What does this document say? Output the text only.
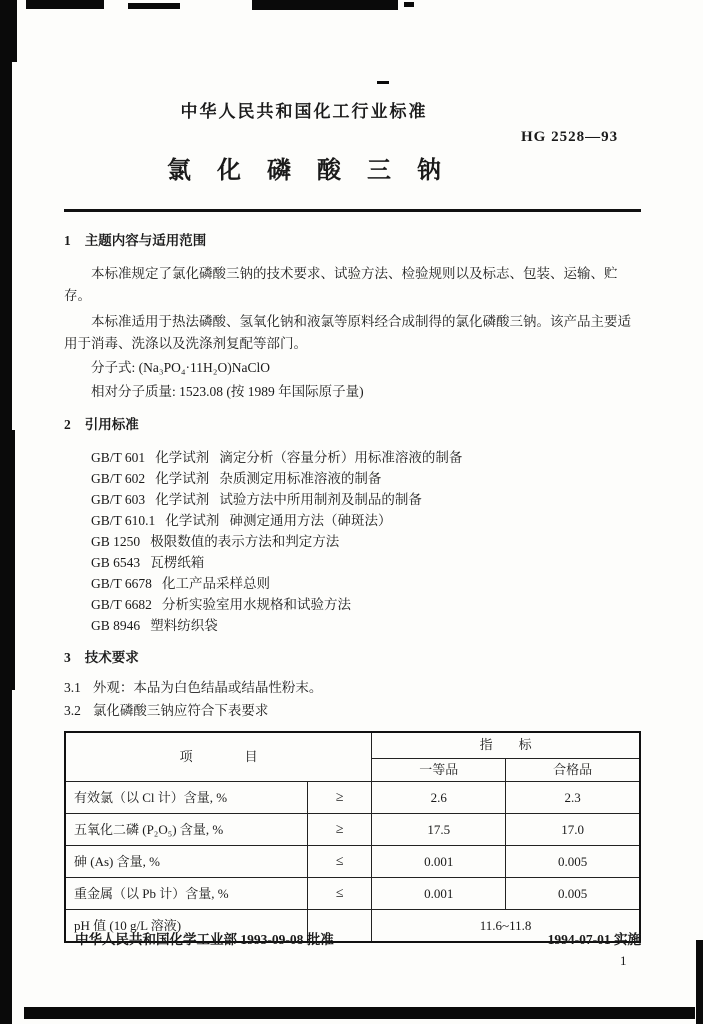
中华人民共和国化工行业标准
HG 2528—93
氯化磷酸三钠
1 主题内容与适用范围
本标准规定了氯化磷酸三钠的技术要求、试验方法、检验规则以及标志、包装、运输、贮存。
本标准适用于热法磷酸、氢氧化钠和液氯等原料经合成制得的氯化磷酸三钠。该产品主要适用于消毒、洗涤以及洗涤剂复配等部门。
分子式: (Na₃PO₄·11H₂O)NaClO
相对分子质量: 1523.08 (按 1989 年国际原子量)
2 引用标准
GB/T 601   化学试剂   滴定分析（容量分析）用标准溶液的制备
GB/T 602   化学试剂   杂质测定用标准溶液的制备
GB/T 603   化学试剂   试验方法中所用制剂及制品的制备
GB/T 610.1   化学试剂   砷测定通用方法（砷斑法）
GB 1250   极限数值的表示方法和判定方法
GB 6543   瓦楞纸箱
GB/T 6678   化工产品采样总则
GB/T 6682   分析实验室用水规格和试验方法
GB 8946   塑料纺织袋
3 技术要求
3.1 外观：本品为白色结晶或结晶性粉末。
3.2 氯化磷酸三钠应符合下表要求
项　　　　目		指　　标	
		一等品	合格品
有效氯（以 Cl 计）含量, %	≥	2.6	2.3
五氧化二磷 (P₂O₅) 含量, %	≥	17.5	17.0
砷 (As) 含量, %	≤	0.001	0.005
重金属（以 Pb 计）含量, %	≤	0.001	0.005
pH 值 (10 g/L 溶液)		11.6~11.8	
中华人民共和国化学工业部 1993-09-08 批准	1994-07-01 实施
1
